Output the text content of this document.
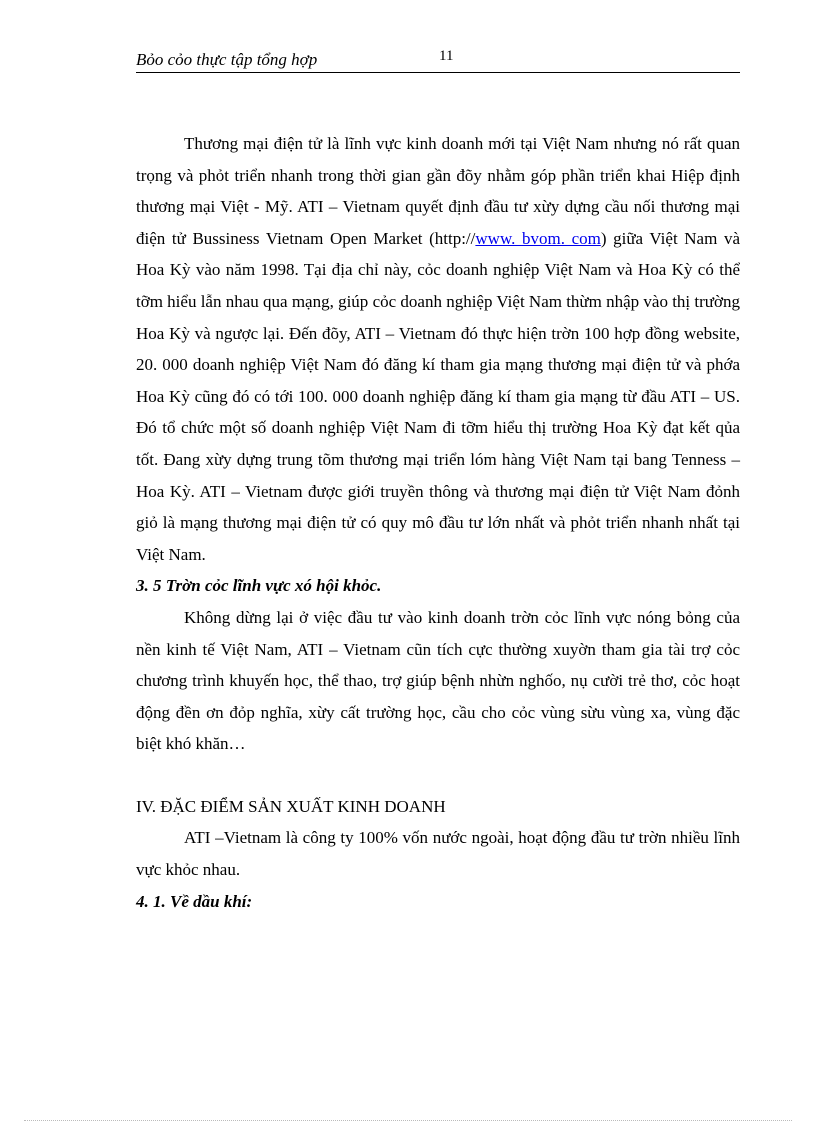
Bỏo cỏo thực tập tổng hợp	11

Thương mại điện tử là lĩnh vực kinh doanh mới tại Việt Nam nhưng nó rất quan trọng và phỏt triển nhanh trong thời gian gần đõy nhằm góp phần triển khai Hiệp định thương mại Việt - Mỹ. ATI – Vietnam quyết định đầu tư xừy dựng cầu nối thương mại điện tử Bussiness Vietnam Open Market (http://www. bvom. com) giữa Việt Nam và Hoa Kỳ vào năm 1998. Tại địa chỉ này, cỏc doanh nghiệp Việt Nam và Hoa Kỳ có thể tỡm hiểu lẫn nhau qua mạng, giúp cỏc doanh nghiệp Việt Nam thừm nhập vào thị trường Hoa Kỳ và ngược lại. Đến đõy, ATI – Vietnam đó thực hiện trờn 100 hợp đồng website, 20. 000 doanh nghiệp Việt Nam đó đăng kí tham gia mạng thương mại điện tử và phớa Hoa Kỳ cũng đó có tới 100. 000 doanh nghiệp đăng kí tham gia mạng từ đầu ATI – US. Đó tổ chức một số doanh nghiệp Việt Nam đi tỡm hiểu thị trường Hoa Kỳ đạt kết qủa tốt. Đang xừy dựng trung tõm thương mại triển lóm hàng Việt Nam tại bang Tenness – Hoa Kỳ. ATI – Vietnam được giới truyền thông và thương mại điện tử Việt Nam đỏnh giỏ là mạng thương mại điện tử có quy mô đầu tư lớn nhất và phỏt triển nhanh nhất tại Việt Nam.

3. 5 Trờn cỏc lĩnh vực xó hội khỏc.

Không dừng lại ở việc đầu tư vào kinh doanh trờn cỏc lĩnh vực nóng bỏng của nền kinh tế Việt Nam, ATI – Vietnam cũn tích cực thường xuyờn tham gia tài trợ cỏc chương trình khuyến học, thể thao, trợ giúp bệnh nhừn nghốo, nụ cười trẻ thơ, cỏc hoạt động đền ơn đỏp nghĩa, xừy cất trường học, cầu cho cỏc vùng sừu vùng xa, vùng đặc biệt khó khăn…

IV. ĐẶC ĐIỂM SẢN XUẤT KINH DOANH

ATI –Vietnam là công ty 100% vốn nước ngoài, hoạt động đầu tư trờn nhiều lĩnh vực khỏc nhau.

4. 1. Về dầu khí:
